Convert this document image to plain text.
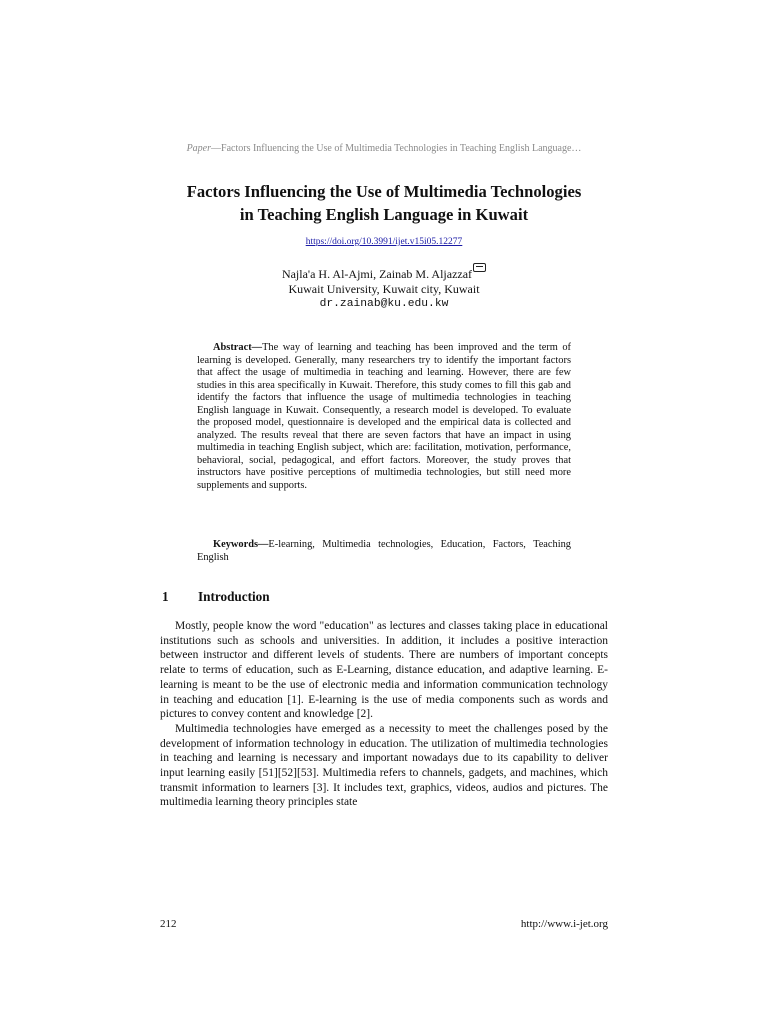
Paper—Factors Influencing the Use of Multimedia Technologies in Teaching English Language…
Factors Influencing the Use of Multimedia Technologies
in Teaching English Language in Kuwait
https://doi.org/10.3991/ijet.v15i05.12277
Najla'a H. Al-Ajmi, Zainab M. Aljazzaf
Kuwait University, Kuwait city, Kuwait
dr.zainab@ku.edu.kw

Abstract—The way of learning and teaching has been improved and the term of learning is developed. Generally, many researchers try to identify the important factors that affect the usage of multimedia in teaching and learning. However, there are few studies in this area specifically in Kuwait. Therefore, this study comes to fill this gab and identify the factors that influence the usage of multimedia technologies in teaching English language in Kuwait. Consequently, a research model is developed. To evaluate the proposed model, questionnaire is developed and the empirical data is collected and analyzed. The results reveal that there are seven factors that have an impact in using multimedia in teaching English subject, which are: facilitation, motivation, performance, behavioral, social, pedagogical, and effort factors. Moreover, the study proves that instructors have positive perceptions of multimedia technologies, but still need more supplements and supports.

Keywords—E-learning, Multimedia technologies, Education, Factors, Teaching English

1 Introduction

Mostly, people know the word "education" as lectures and classes taking place in educational institutions such as schools and universities. In addition, it includes a positive interaction between instructor and different levels of students. There are numbers of important concepts relate to terms of education, such as E-Learning, distance education, and adaptive learning. E-learning is meant to be the use of electronic media and information communication technology in teaching and education [1]. E-learning is the use of media components such as words and pictures to convey content and knowledge [2].

Multimedia technologies have emerged as a necessity to meet the challenges posed by the development of information technology in education. The utilization of multimedia technologies in teaching and learning is necessary and important nowadays due to its capability to deliver input learning easily [51][52][53]. Multimedia refers to channels, gadgets, and machines, which transmit information to learners [3]. It includes text, graphics, videos, audios and pictures. The multimedia learning theory principles state

212	http://www.i-jet.org
